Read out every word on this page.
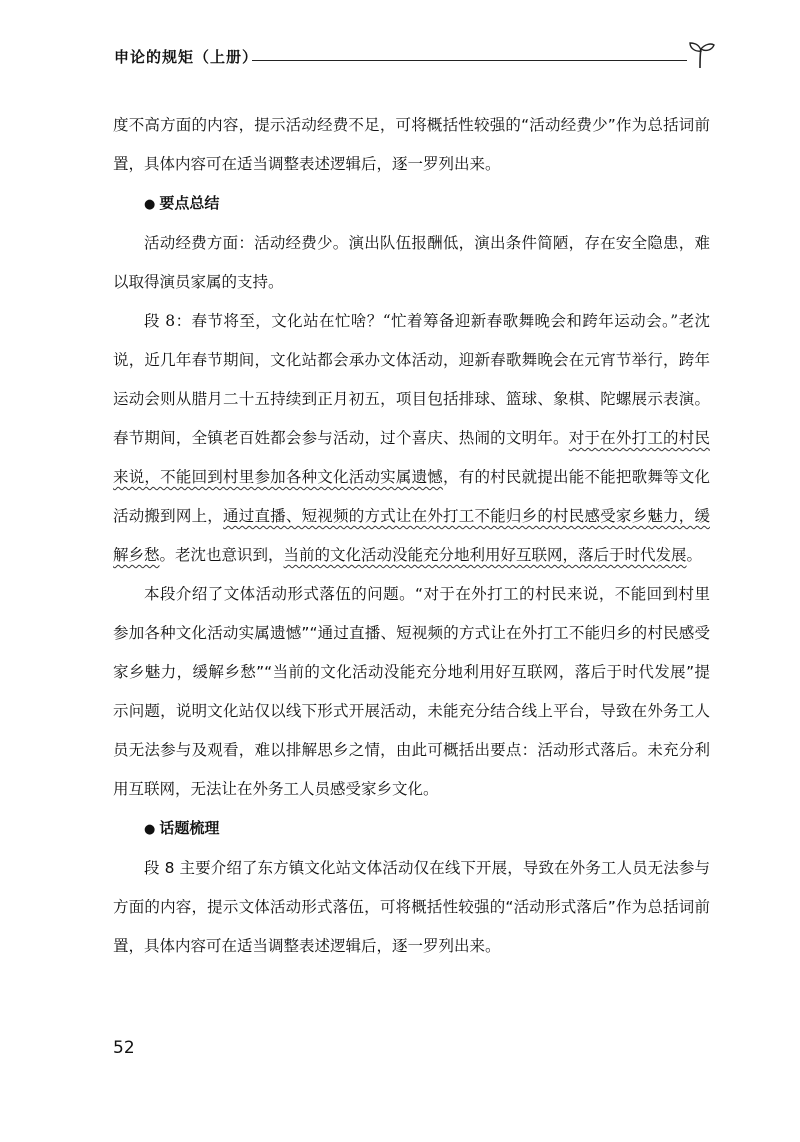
申论的规矩（上册）

度不高方面的内容，提示活动经费不足，可将概括性较强的“活动经费少”作为总括词前置，具体内容可在适当调整表述逻辑后，逐一罗列出来。

● 要点总结

活动经费方面：活动经费少。演出队伍报酬低，演出条件简陋，存在安全隐患，难以取得演员家属的支持。

段 8：春节将至，文化站在忙啥？“忙着筹备迎新春歌舞晚会和跨年运动会。”老沈说，近几年春节期间，文化站都会承办文体活动，迎新春歌舞晚会在元宵节举行，跨年运动会则从腊月二十五持续到正月初五，项目包括排球、篮球、象棋、陀螺展示表演。春节期间，全镇老百姓都会参与活动，过个喜庆、热闹的文明年。对于在外打工的村民来说，不能回到村里参加各种文化活动实属遗憾，有的村民就提出能不能把歌舞等文化活动搬到网上，通过直播、短视频的方式让在外打工不能归乡的村民感受家乡魅力，缓解乡愁。老沈也意识到，当前的文化活动没能充分地利用好互联网，落后于时代发展。

本段介绍了文体活动形式落伍的问题。“对于在外打工的村民来说，不能回到村里参加各种文化活动实属遗憾”“通过直播、短视频的方式让在外打工不能归乡的村民感受家乡魅力，缓解乡愁”“当前的文化活动没能充分地利用好互联网，落后于时代发展”提示问题，说明文化站仅以线下形式开展活动，未能充分结合线上平台，导致在外务工人员无法参与及观看，难以排解思乡之情，由此可概括出要点：活动形式落后。未充分利用互联网，无法让在外务工人员感受家乡文化。

● 话题梳理

段 8 主要介绍了东方镇文化站文体活动仅在线下开展，导致在外务工人员无法参与方面的内容，提示文体活动形式落伍，可将概括性较强的“活动形式落后”作为总括词前置，具体内容可在适当调整表述逻辑后，逐一罗列出来。

52
